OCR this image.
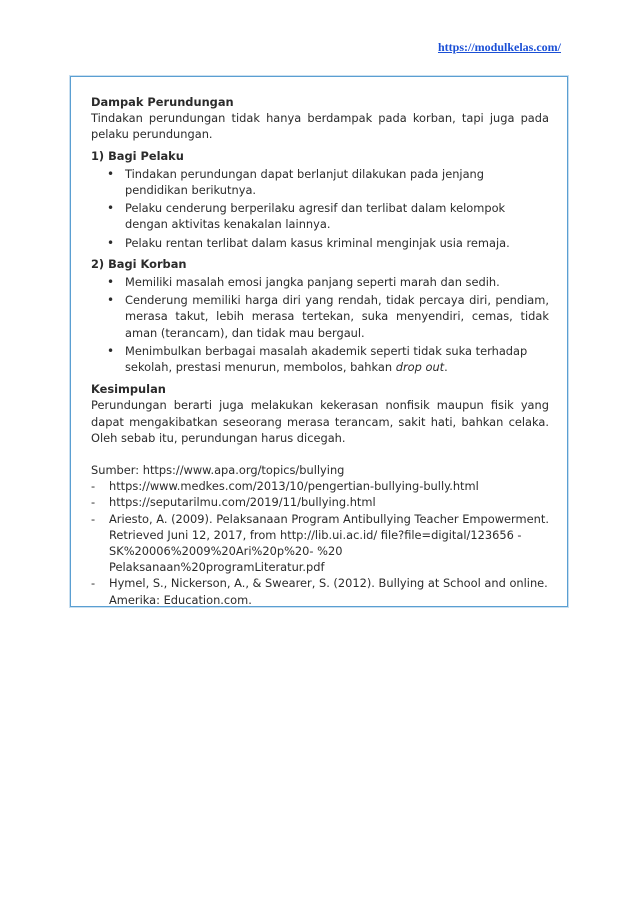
https://modulkelas.com/

Dampak Perundungan

Tindakan perundungan tidak hanya berdampak pada korban, tapi juga pada pelaku perundungan.

1) Bagi Pelaku

• Tindakan perundungan dapat berlanjut dilakukan pada jenjang pendidikan berikutnya.
• Pelaku cenderung berperilaku agresif dan terlibat dalam kelompok dengan aktivitas kenakalan lainnya.
• Pelaku rentan terlibat dalam kasus kriminal menginjak usia remaja.

2) Bagi Korban

• Memiliki masalah emosi jangka panjang seperti marah dan sedih.
• Cenderung memiliki harga diri yang rendah, tidak percaya diri, pendiam, merasa takut, lebih merasa tertekan, suka menyendiri, cemas, tidak aman (terancam), dan tidak mau bergaul.
• Menimbulkan berbagai masalah akademik seperti tidak suka terhadap sekolah, prestasi menurun, membolos, bahkan drop out.

Kesimpulan

Perundungan berarti juga melakukan kekerasan nonfisik maupun fisik yang dapat mengakibatkan seseorang merasa terancam, sakit hati, bahkan celaka. Oleh sebab itu, perundungan harus dicegah.

Sumber: https://www.apa.org/topics/bullying

- https://www.medkes.com/2013/10/pengertian-bullying-bully.html
- https://seputarilmu.com/2019/11/bullying.html
- Ariesto, A. (2009). Pelaksanaan Program Antibullying Teacher Empowerment. Retrieved Juni 12, 2017, from http://lib.ui.ac.id/ file?file=digital/123656 -SK%20006%2009%20Ari%20p%20- %20 Pelaksanaan%20programLiteratur.pdf
- Hymel, S., Nickerson, A., & Swearer, S. (2012). Bullying at School and online. Amerika: Education.com.
